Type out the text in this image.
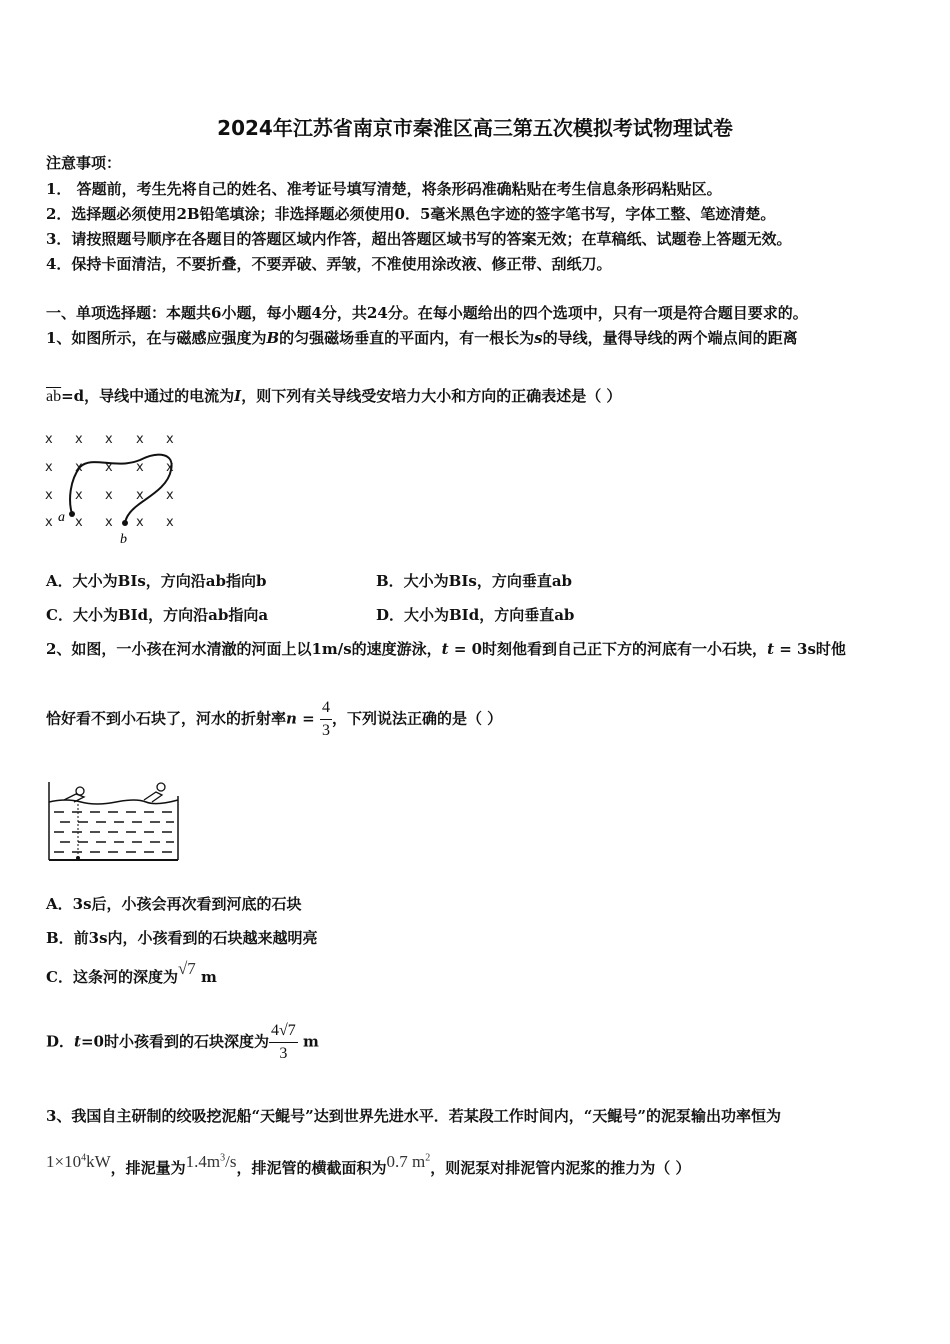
2024年江苏省南京市秦淮区高三第五次模拟考试物理试卷
注意事项：
1． 答题前，考生先将自己的姓名、准考证号填写清楚，将条形码准确粘贴在考生信息条形码粘贴区。
2．选择题必须使用2B铅笔填涂；非选择题必须使用0．5毫米黑色字迹的签字笔书写，字体工整、笔迹清楚。
3．请按照题号顺序在各题目的答题区域内作答，超出答题区域书写的答案无效；在草稿纸、试题卷上答题无效。
4．保持卡面清洁，不要折叠，不要弄破、弄皱，不准使用涂改液、修正带、刮纸刀。
一、单项选择题：本题共6小题，每小题4分，共24分。在每小题给出的四个选项中，只有一项是符合题目要求的。
1、如图所示，在与磁感应强度为B的匀强磁场垂直的平面内，有一根长为s的导线，量得导线的两个端点间的距离
$\overline{ab}=d$，导线中通过的电流为I，则下列有关导线受安培力大小和方向的正确表述是（ ）
x x x x x
x x x x x
x x x x x
x x x x x
a
b
A．大小为BIs，方向沿ab指向b	B．大小为BIs，方向垂直ab
C．大小为BId，方向沿ab指向a	D．大小为BId，方向垂直ab
2、如图，一小孩在河水清澈的河面上以1m/s的速度游泳，t = 0时刻他看到自己正下方的河底有一小石块，t = 3s时他
恰好看不到小石块了，河水的折射率$n = \frac{4}{3}$ ，下列说法正确的是（ ）
A．3s后，小孩会再次看到河底的石块
B．前3s内，小孩看到的石块越来越明亮
C．这条河的深度为√7 m
D．t=0时小孩看到的石块深度为 $\frac{4√7}{3}$ m
3、我国自主研制的绞吸挖泥船“天鲲号”达到世界先进水平．若某段工作时间内，“天鲲号”的泥泵输出功率恒为
$1\times 10^4kW$，排泥量为$1.4m^3/s$，排泥管的横截面积为0.7 $m^2$，则泥泵对排泥管内泥浆的推力为（ ）
